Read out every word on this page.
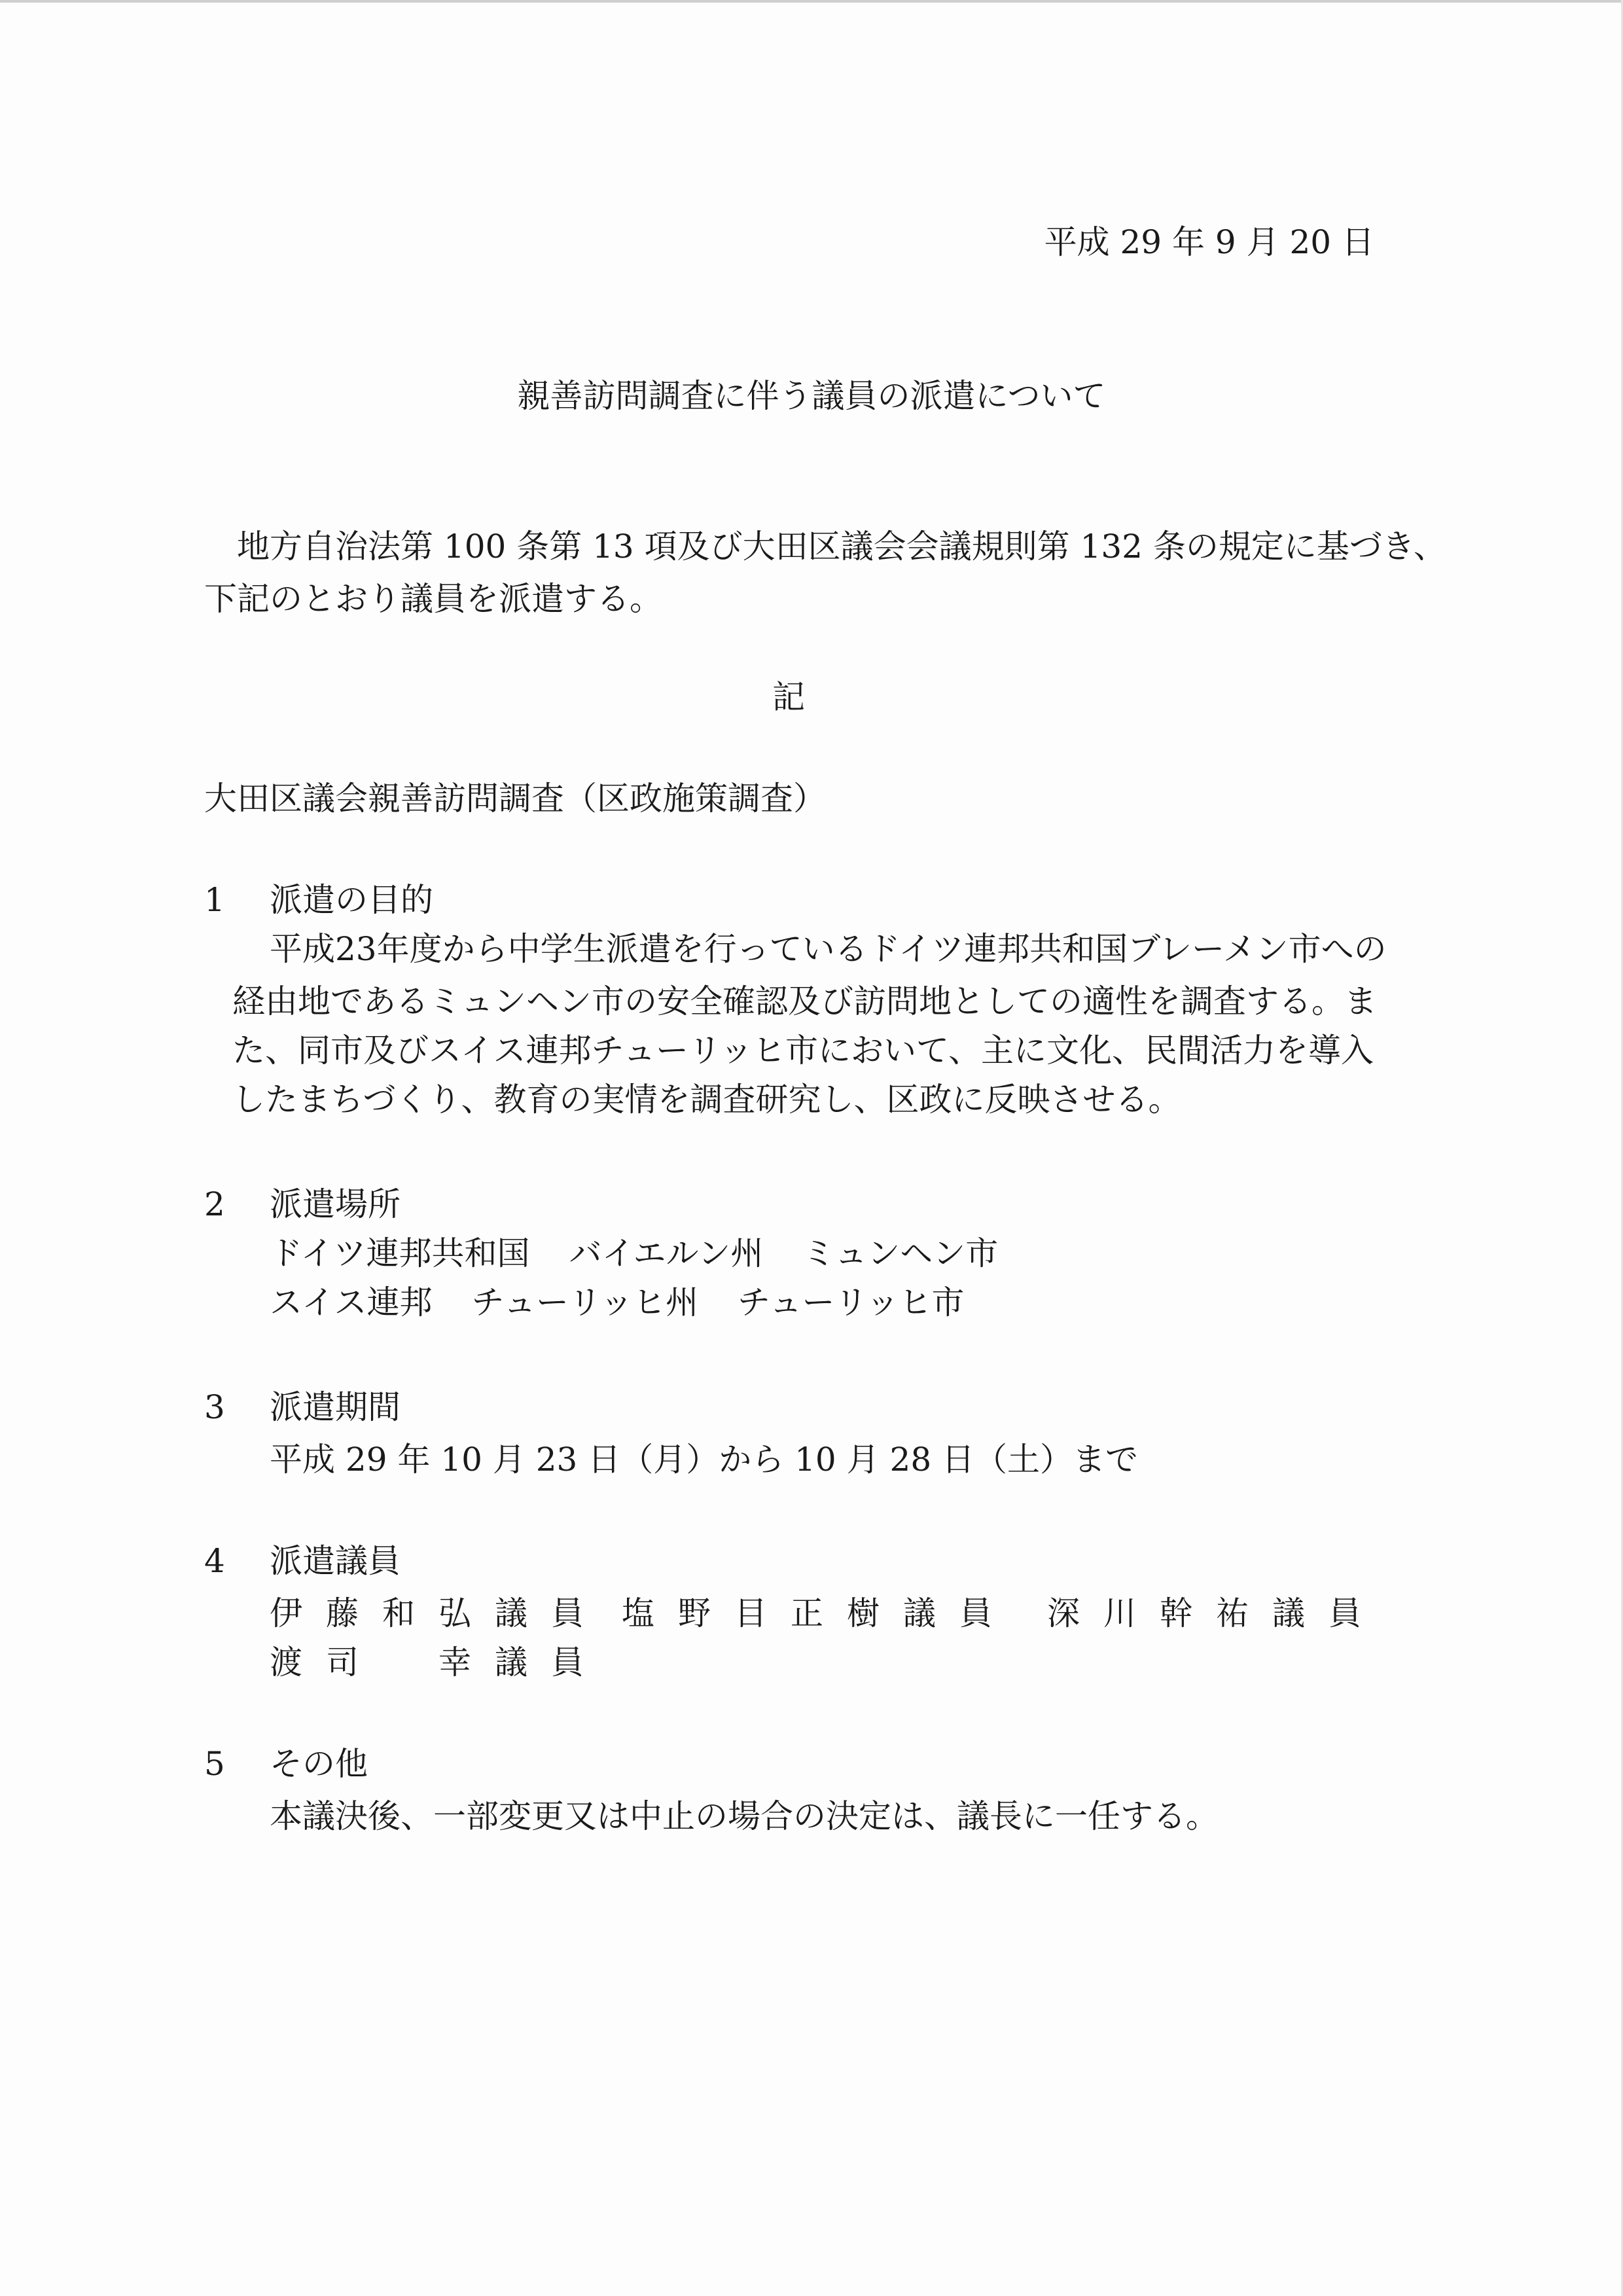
平成 29 年 9 月 20 日
親善訪問調査に伴う議員の派遣について
地方自治法第 100 条第 13 項及び大田区議会会議規則第 132 条の規定に基づき、
下記のとおり議員を派遣する。
記
大田区議会親善訪問調査（区政施策調査）
1 派遣の目的
平成23年度から中学生派遣を行っているドイツ連邦共和国ブレーメン市への
経由地であるミュンヘン市の安全確認及び訪問地としての適性を調査する。ま
た、同市及びスイス連邦チューリッヒ市において、主に文化、民間活力を導入
したまちづくり、教育の実情を調査研究し、区政に反映させる。
2 派遣場所
ドイツ連邦共和国 バイエルン州 ミュンヘン市
スイス連邦 チューリッヒ州 チューリッヒ市
3 派遣期間
平成 29 年 10 月 23 日（月）から 10 月 28 日（土）まで
4 派遣議員
伊藤和弘議員 塩野目正樹議員 深川幹祐議員
渡司　幸議員
5 その他
本議決後、一部変更又は中止の場合の決定は、議長に一任する。
